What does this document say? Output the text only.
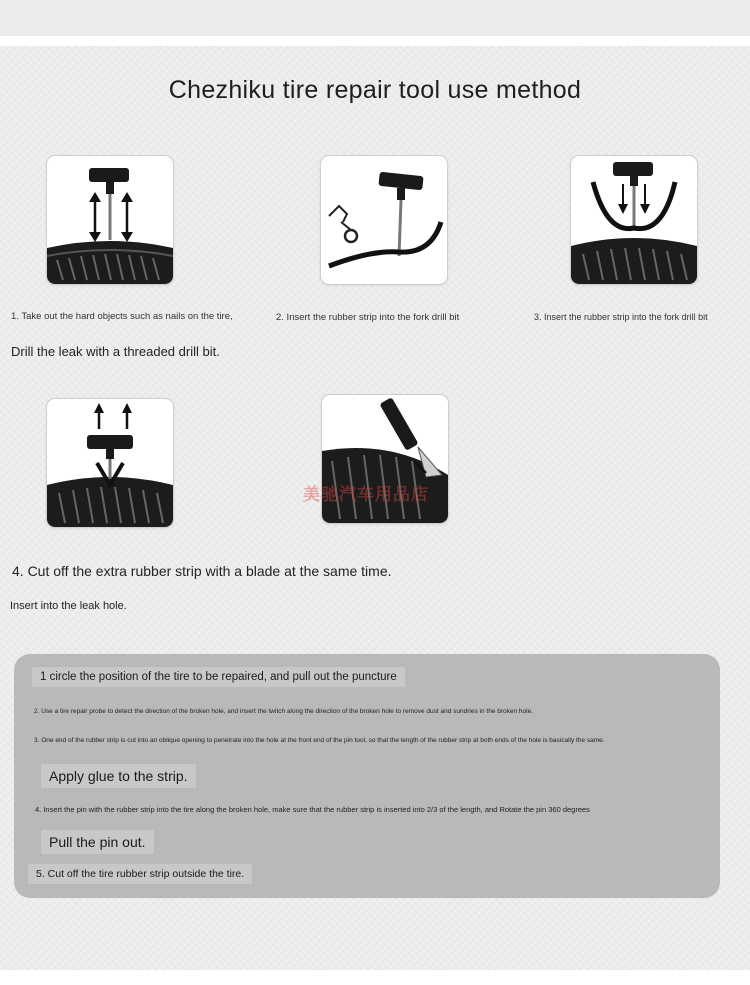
Chezhiku tire repair tool use method
1. Take out the hard objects such as nails on the tire,	2. Insert the rubber strip into the fork drill bit	3. Insert the rubber strip into the fork drill bit
Drill the leak with a threaded drill bit.
美驰汽车用品店
4. Cut off the extra rubber strip with a blade at the same time.
Insert into the leak hole.
1 circle the position of the tire to be repaired, and pull out the puncture
2. Use a tire repair probe to detect the direction of the broken hole, and insert the twitch along the direction of the broken hole to remove dust and sundries in the broken hole.
3. One end of the rubber strip is cut into an oblique opening to penetrate into the hole at the front end of the pin tool, so that the length of the rubber strip at both ends of the hole is basically the same.
Apply glue to the strip.
4. Insert the pin with the rubber strip into the tire along the broken hole, make sure that the rubber strip is inserted into 2/3 of the length, and Rotate the pin 360 degrees
Pull the pin out.
5. Cut off the tire rubber strip outside the tire.
